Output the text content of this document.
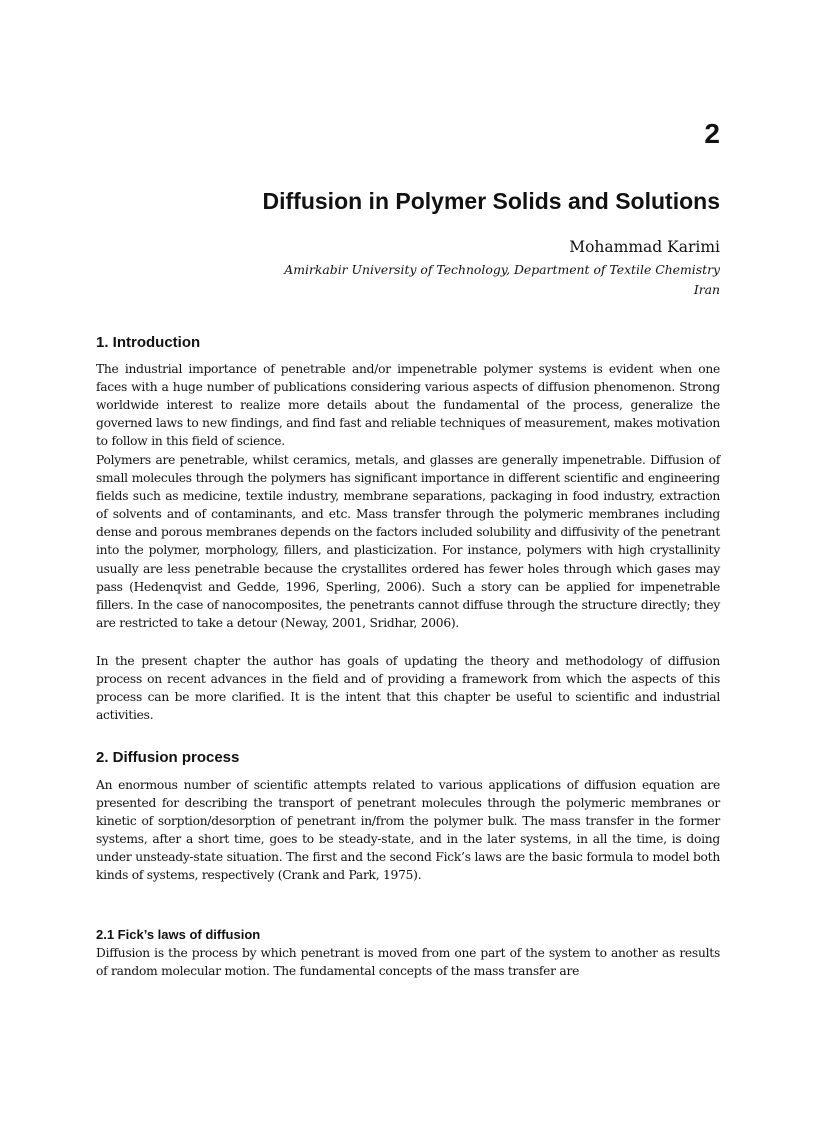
2
Diffusion in Polymer Solids and Solutions
Mohammad Karimi
Amirkabir University of Technology, Department of Textile Chemistry
Iran
1. Introduction

The industrial importance of penetrable and/or impenetrable polymer systems is evident when one faces with a huge number of publications considering various aspects of diffusion phenomenon. Strong worldwide interest to realize more details about the fundamental of the process, generalize the governed laws to new findings, and find fast and reliable techniques of measurement, makes motivation to follow in this field of science.

Polymers are penetrable, whilst ceramics, metals, and glasses are generally impenetrable. Diffusion of small molecules through the polymers has significant importance in different scientific and engineering fields such as medicine, textile industry, membrane separations, packaging in food industry, extraction of solvents and of contaminants, and etc. Mass transfer through the polymeric membranes including dense and porous membranes depends on the factors included solubility and diffusivity of the penetrant into the polymer, morphology, fillers, and plasticization. For instance, polymers with high crystallinity usually are less penetrable because the crystallites ordered has fewer holes through which gases may pass (Hedenqvist and Gedde, 1996, Sperling, 2006). Such a story can be applied for impenetrable fillers. In the case of nanocomposites, the penetrants cannot diffuse through the structure directly; they are restricted to take a detour (Neway, 2001, Sridhar, 2006).

In the present chapter the author has goals of updating the theory and methodology of diffusion process on recent advances in the field and of providing a framework from which the aspects of this process can be more clarified. It is the intent that this chapter be useful to scientific and industrial activities.

2. Diffusion process

An enormous number of scientific attempts related to various applications of diffusion equation are presented for describing the transport of penetrant molecules through the polymeric membranes or kinetic of sorption/desorption of penetrant in/from the polymer bulk. The mass transfer in the former systems, after a short time, goes to be steady-state, and in the later systems, in all the time, is doing under unsteady-state situation. The first and the second Fick’s laws are the basic formula to model both kinds of systems, respectively (Crank and Park, 1975).

2.1 Fick’s laws of diffusion

Diffusion is the process by which penetrant is moved from one part of the system to another as results of random molecular motion. The fundamental concepts of the mass transfer are
